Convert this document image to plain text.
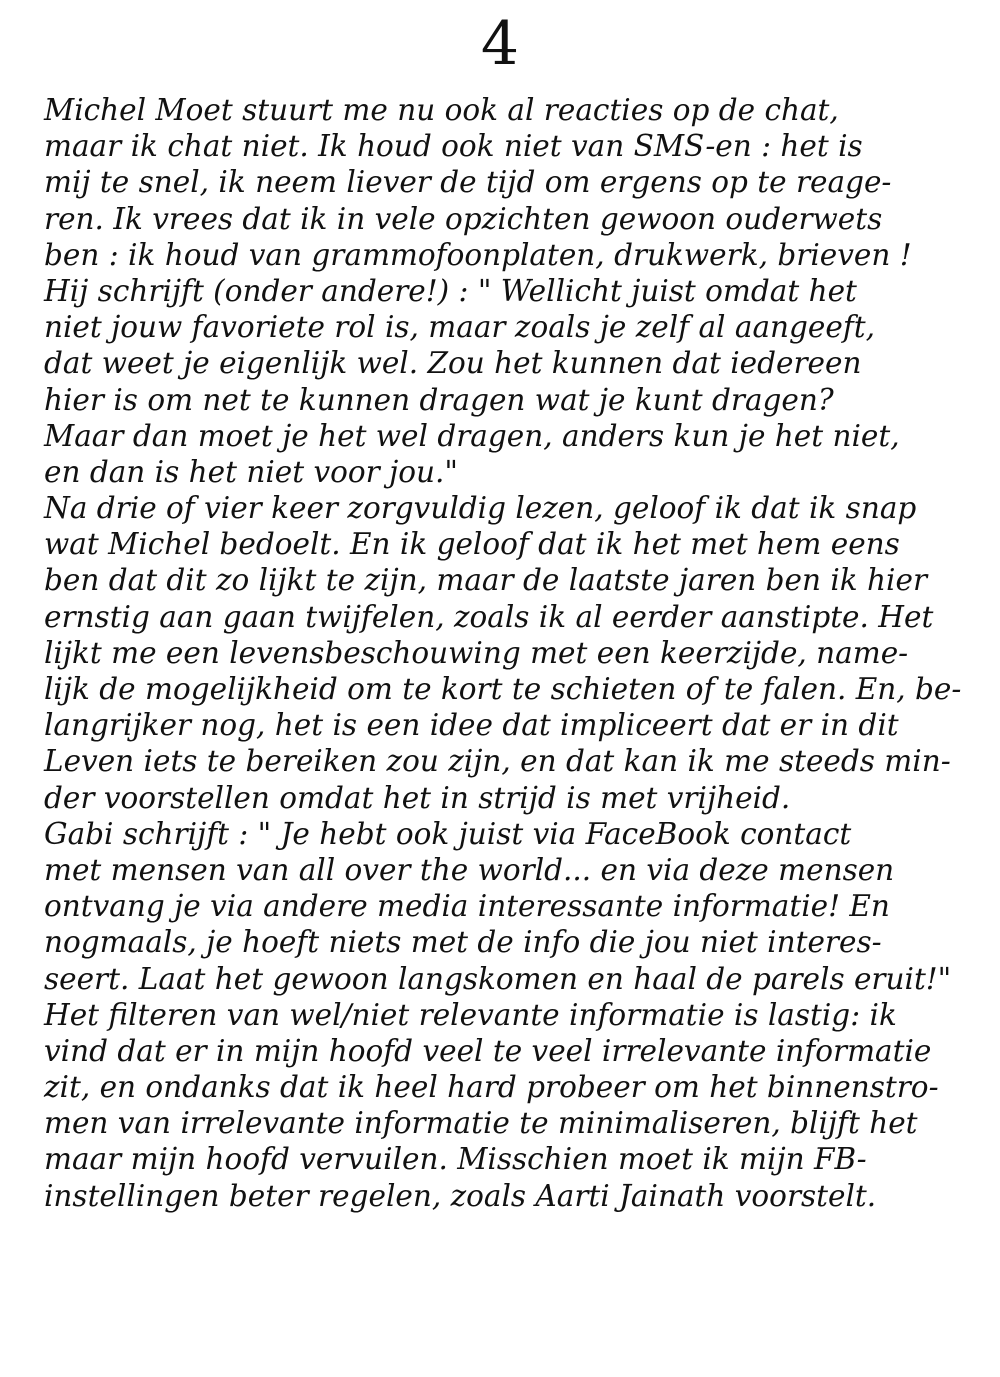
4
Michel Moet stuurt me nu ook al reacties op de chat,
maar ik chat niet. Ik houd ook niet van SMS-en : het is
mij te snel, ik neem liever de tijd om ergens op te reage-
ren. Ik vrees dat ik in vele opzichten gewoon ouderwets
ben : ik houd van grammofoonplaten, drukwerk, brieven !
Hij schrijft (onder andere!) : " Wellicht juist omdat het
niet jouw favoriete rol is, maar zoals je zelf al aangeeft,
dat weet je eigenlijk wel. Zou het kunnen dat iedereen
hier is om net te kunnen dragen wat je kunt dragen?
Maar dan moet je het wel dragen, anders kun je het niet,
en dan is het niet voor jou."
Na drie of vier keer zorgvuldig lezen, geloof ik dat ik snap
wat Michel bedoelt. En ik geloof dat ik het met hem eens
ben dat dit zo lijkt te zijn, maar de laatste jaren ben ik hier
ernstig aan gaan twijfelen, zoals ik al eerder aanstipte. Het
lijkt me een levensbeschouwing met een keerzijde, name-
lijk de mogelijkheid om te kort te schieten of te falen. En, be-
langrijker nog, het is een idee dat impliceert dat er in dit
Leven iets te bereiken zou zijn, en dat kan ik me steeds min-
der voorstellen omdat het in strijd is met vrijheid.
Gabi schrijft : " Je hebt ook juist via FaceBook contact
met mensen van all over the world... en via deze mensen
ontvang je via andere media interessante informatie! En
nogmaals, je hoeft niets met de info die jou niet interes-
seert. Laat het gewoon langskomen en haal de parels eruit!"
Het filteren van wel/niet relevante informatie is lastig: ik
vind dat er in mijn hoofd veel te veel irrelevante informatie
zit, en ondanks dat ik heel hard probeer om het binnenstro-
men van irrelevante informatie te minimaliseren, blijft het
maar mijn hoofd vervuilen. Misschien moet ik mijn FB-
instellingen beter regelen, zoals Aarti Jainath voorstelt.
